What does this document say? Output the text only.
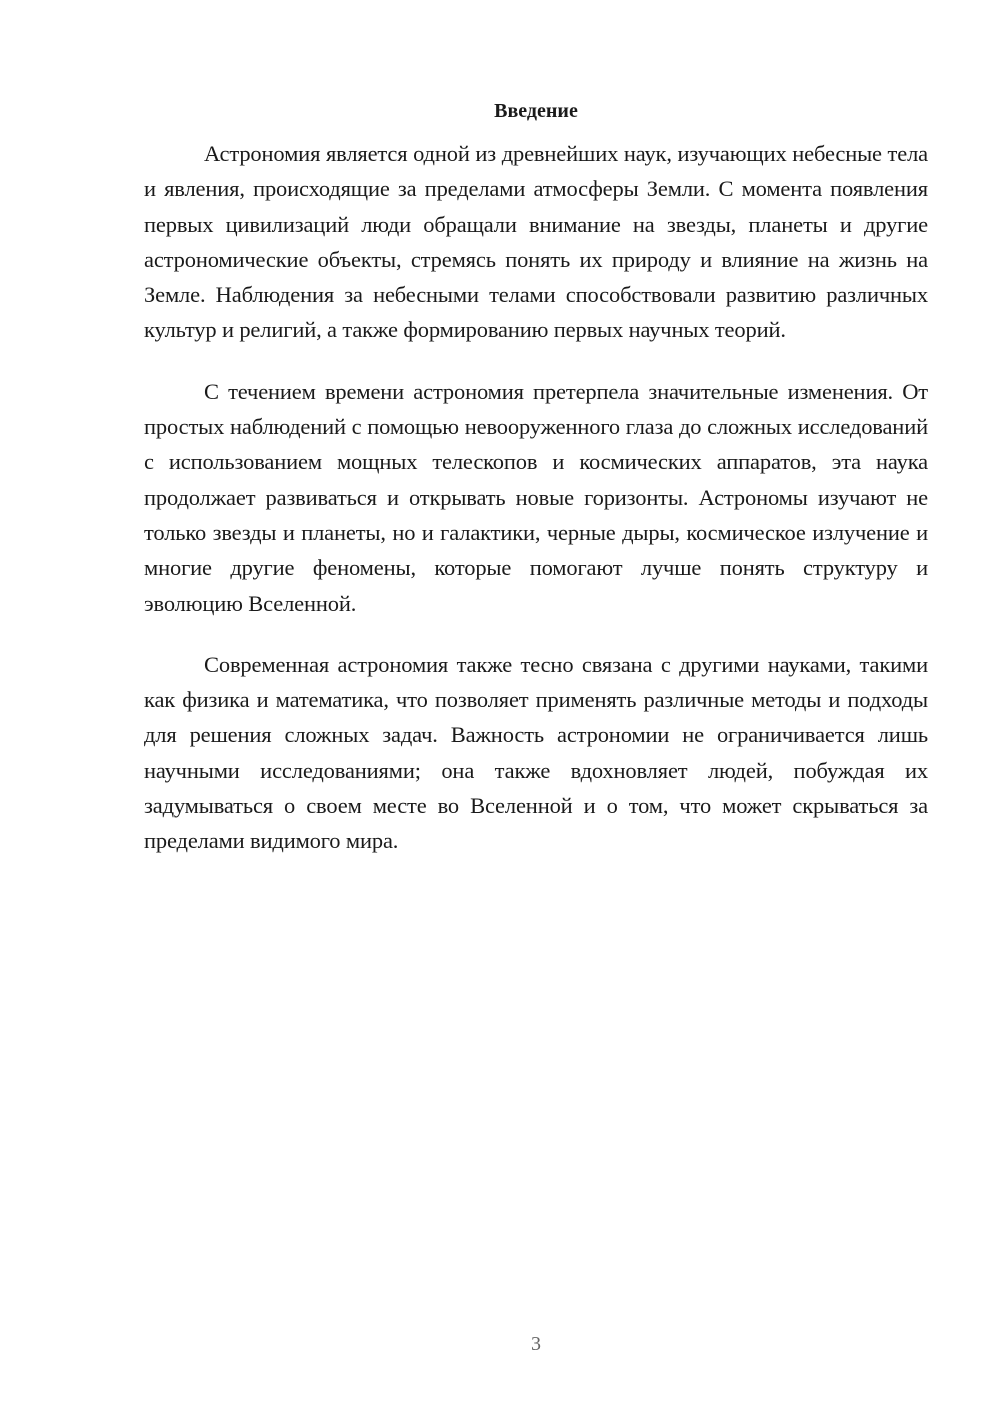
Введение

Астрономия является одной из древнейших наук, изучающих небесные тела и явления, происходящие за пределами атмосферы Земли. С момента появления первых цивилизаций люди обращали внимание на звезды, планеты и другие астрономические объекты, стремясь понять их природу и влияние на жизнь на Земле. Наблюдения за небесными телами способствовали развитию различных культур и религий, а также формированию первых научных теорий.

С течением времени астрономия претерпела значительные изменения. От простых наблюдений с помощью невооруженного глаза до сложных исследований с использованием мощных телескопов и космических аппаратов, эта наука продолжает развиваться и открывать новые горизонты. Астрономы изучают не только звезды и планеты, но и галактики, черные дыры, космическое излучение и многие другие феномены, которые помогают лучше понять структуру и эволюцию Вселенной.

Современная астрономия также тесно связана с другими науками, такими как физика и математика, что позволяет применять различные методы и подходы для решения сложных задач. Важность астрономии не ограничивается лишь научными исследованиями; она также вдохновляет людей, побуждая их задумываться о своем месте во Вселенной и о том, что может скрываться за пределами видимого мира.

3
